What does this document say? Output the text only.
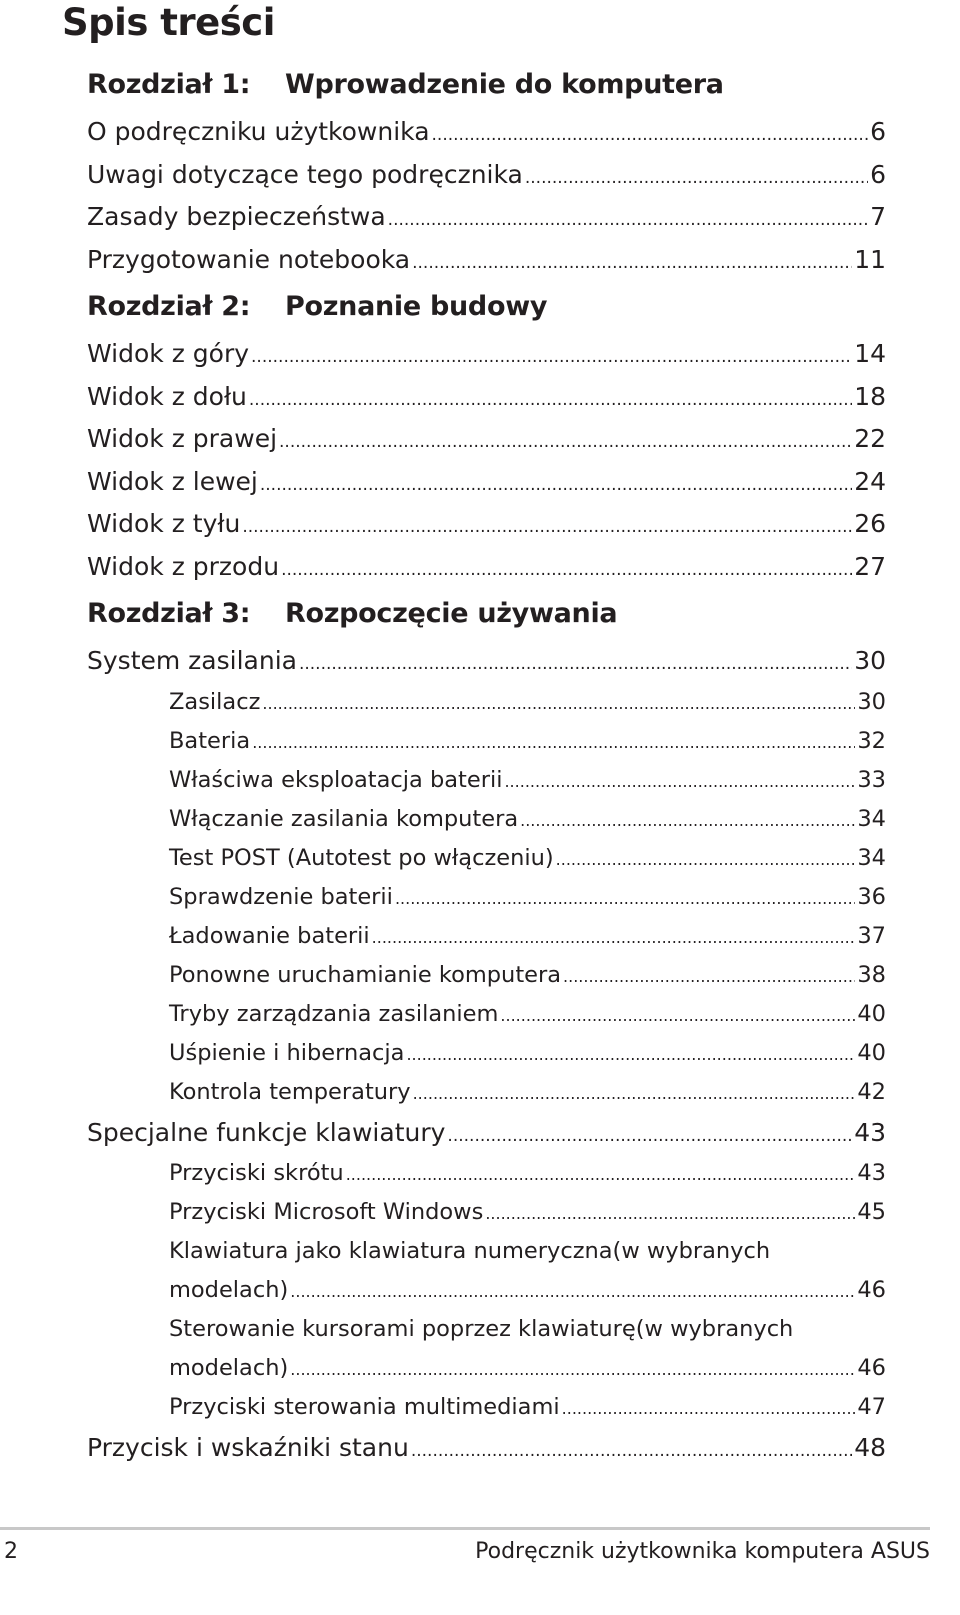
Spis treści
Rozdział 1: Wprowadzenie do komputera
O podręczniku użytkownika .....	6
Uwagi dotyczące tego podręcznika .....	6
Zasady bezpieczeństwa .....	7
Przygotowanie notebooka .....	11
Rozdział 2: Poznanie budowy
Widok z góry .....	14
Widok z dołu .....	18
Widok z prawej .....	22
Widok z lewej .....	24
Widok z tyłu .....	26
Widok z przodu .....	27
Rozdział 3: Rozpoczęcie używania
System zasilania .....	30
Zasilacz .....	30
Bateria .....	32
Właściwa eksploatacja baterii .....	33
Włączanie zasilania komputera .....	34
Test POST (Autotest po włączeniu) .....	34
Sprawdzenie baterii .....	36
Ładowanie baterii .....	37
Ponowne uruchamianie komputera .....	38
Tryby zarządzania zasilaniem .....	40
Uśpienie i hibernacja .....	40
Kontrola temperatury .....	42
Specjalne funkcje klawiatury .....	43
Przyciski skrótu .....	43
Przyciski Microsoft Windows .....	45
Klawiatura jako klawiatura numeryczna(w wybranych
modelach) .....	46
Sterowanie kursorami poprzez klawiaturę(w wybranych
modelach) .....	46
Przyciski sterowania multimediami .....	47
Przycisk i wskaźniki stanu .....	48
2	Podręcznik użytkownika komputera ASUS
